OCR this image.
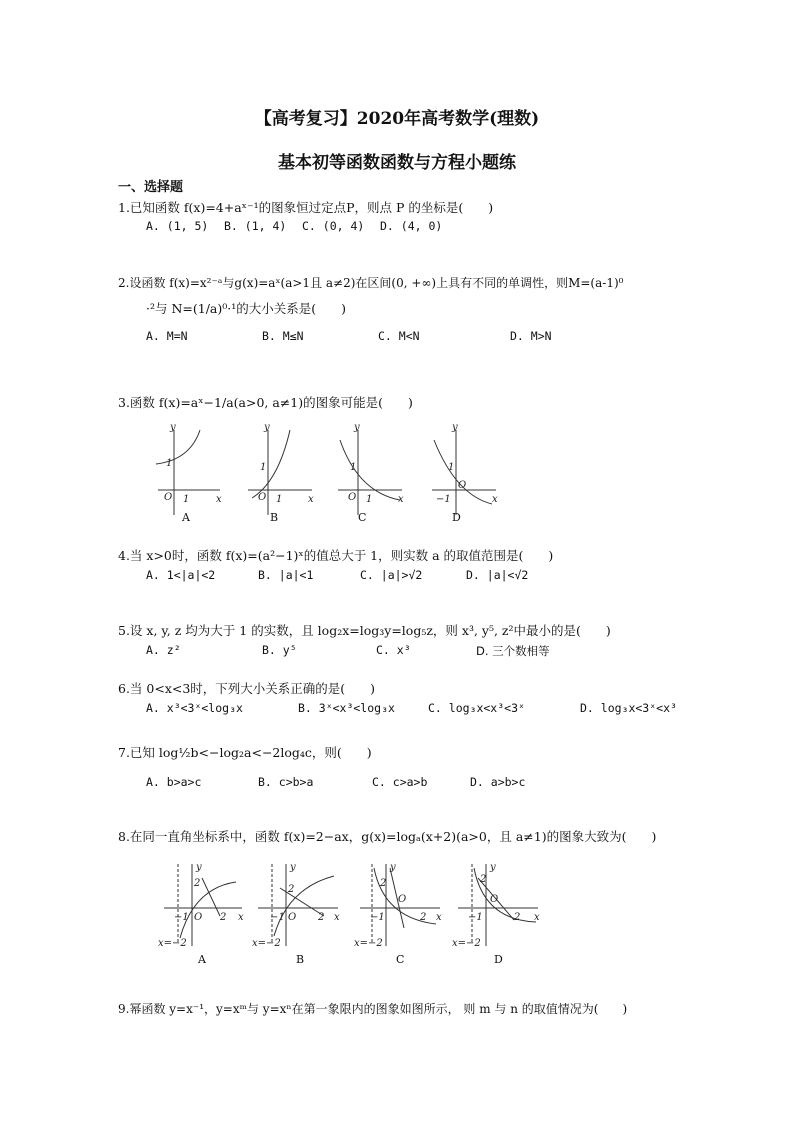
【高考复习】2020年高考数学(理数)
基本初等函数函数与方程小题练
一、选择题
1.已知函数 f(x)=4+aˣ⁻¹的图象恒过定点P，则点 P 的坐标是(　　)
A. (1, 5) B. (1, 4) C. (0, 4) D. (4, 0)
2.设函数 f(x)=x²⁻ᵃ与g(x)=aˣ(a>1且 a≠2)在区间(0, +∞)上具有不同的单调性，则M=(a-1)⁰
·²与 N=(1/a)⁰·¹的大小关系是(　　)
A. M=N	B. M≤N	C. M<N	D. M>N
3.函数 f(x)=aˣ−1/a(a>0, a≠1)的图象可能是(　　)
y
x
O 1
1
y
x
O 1
1
y
x
O 1
1
y
x
O
−1
1
A	B	C	D
4.当 x>0时，函数 f(x)=(a²−1)ˣ的值总大于 1，则实数 a 的取值范围是(　　)
A. 1<|a|<2	B. |a|<1	C. |a|>√2	D. |a|<√2
5.设 x, y, z 均为大于 1 的实数，且 log₂x=log₃y=log₅z，则 x³, y⁵, z²中最小的是(　　)
A. z²	B. y⁵	C. x³	D. 三个数相等
6.当 0<x<3时，下列大小关系正确的是(　　)
A. x³<3ˣ<log₃x	B. 3ˣ<x³<log₃x	C. log₃x<x³<3ˣ	D. log₃x<3ˣ<x³
7.已知 log½b<−log₂a<−2log₄c，则(　　)
A. b>a>c	B. c>b>a	C. c>a>b	D. a>b>c
8.在同一直角坐标系中，函数 f(x)=2−ax，g(x)=logₐ(x+2)(a>0，且 a≠1)的图象大致为(　　)
y
x
2
−1 O 2
x=−2
y
x
2
−1 O 2
x=−2
y
x
2
−1
O
2
x=−2
y
x
2
−1
O
2
x=−2
A	B	C	D
9.幂函数 y=x⁻¹，y=xᵐ与 y=xⁿ在第一象限内的图象如图所示， 则 m 与 n 的取值情况为(　　)
